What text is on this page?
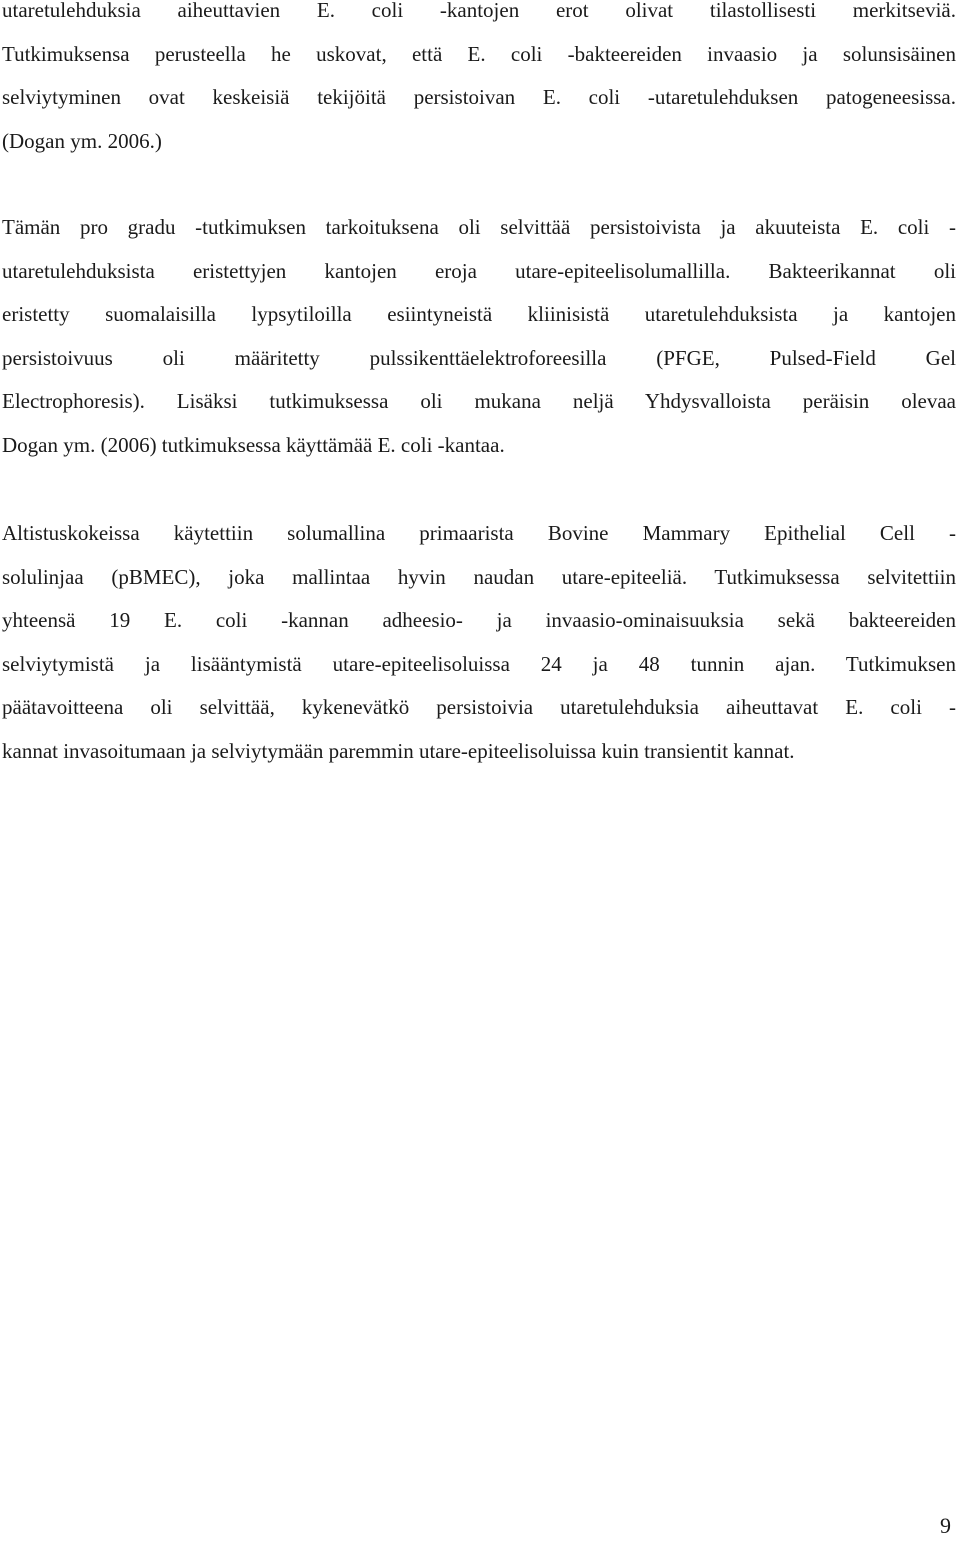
utaretulehduksia aiheuttavien E. coli -kantojen erot olivat tilastollisesti merkitseviä.
Tutkimuksensa perusteella he uskovat, että E. coli -bakteereiden invaasio ja solunsisäinen
selviytyminen ovat keskeisiä tekijöitä persistoivan E. coli -utaretulehduksen patogeneesissa.
(Dogan ym. 2006.)
Tämän pro gradu -tutkimuksen tarkoituksena oli selvittää persistoivista ja akuuteista E. coli -
utaretulehduksista eristettyjen kantojen eroja utare-epiteelisolumallilla. Bakteerikannat oli
eristetty suomalaisilla lypsytiloilla esiintyneistä kliinisistä utaretulehduksista ja kantojen
persistoivuus oli määritetty pulssikenttäelektroforeesilla (PFGE, Pulsed-Field Gel
Electrophoresis). Lisäksi tutkimuksessa oli mukana neljä Yhdysvalloista peräisin olevaa
Dogan ym. (2006) tutkimuksessa käyttämää E. coli -kantaa.
Altistuskokeissa käytettiin solumallina primaarista Bovine Mammary Epithelial Cell -
solulinjaa (pBMEC), joka mallintaa hyvin naudan utare-epiteeliä. Tutkimuksessa selvitettiin
yhteensä 19 E. coli -kannan adheesio- ja invaasio-ominaisuuksia sekä bakteereiden
selviytymistä ja lisääntymistä utare-epiteelisoluissa 24 ja 48 tunnin ajan. Tutkimuksen
päätavoitteena oli selvittää, kykenevätkö persistoivia utaretulehduksia aiheuttavat E. coli -
kannat invasoitumaan ja selviytymään paremmin utare-epiteelisoluissa kuin transientit kannat.

9
